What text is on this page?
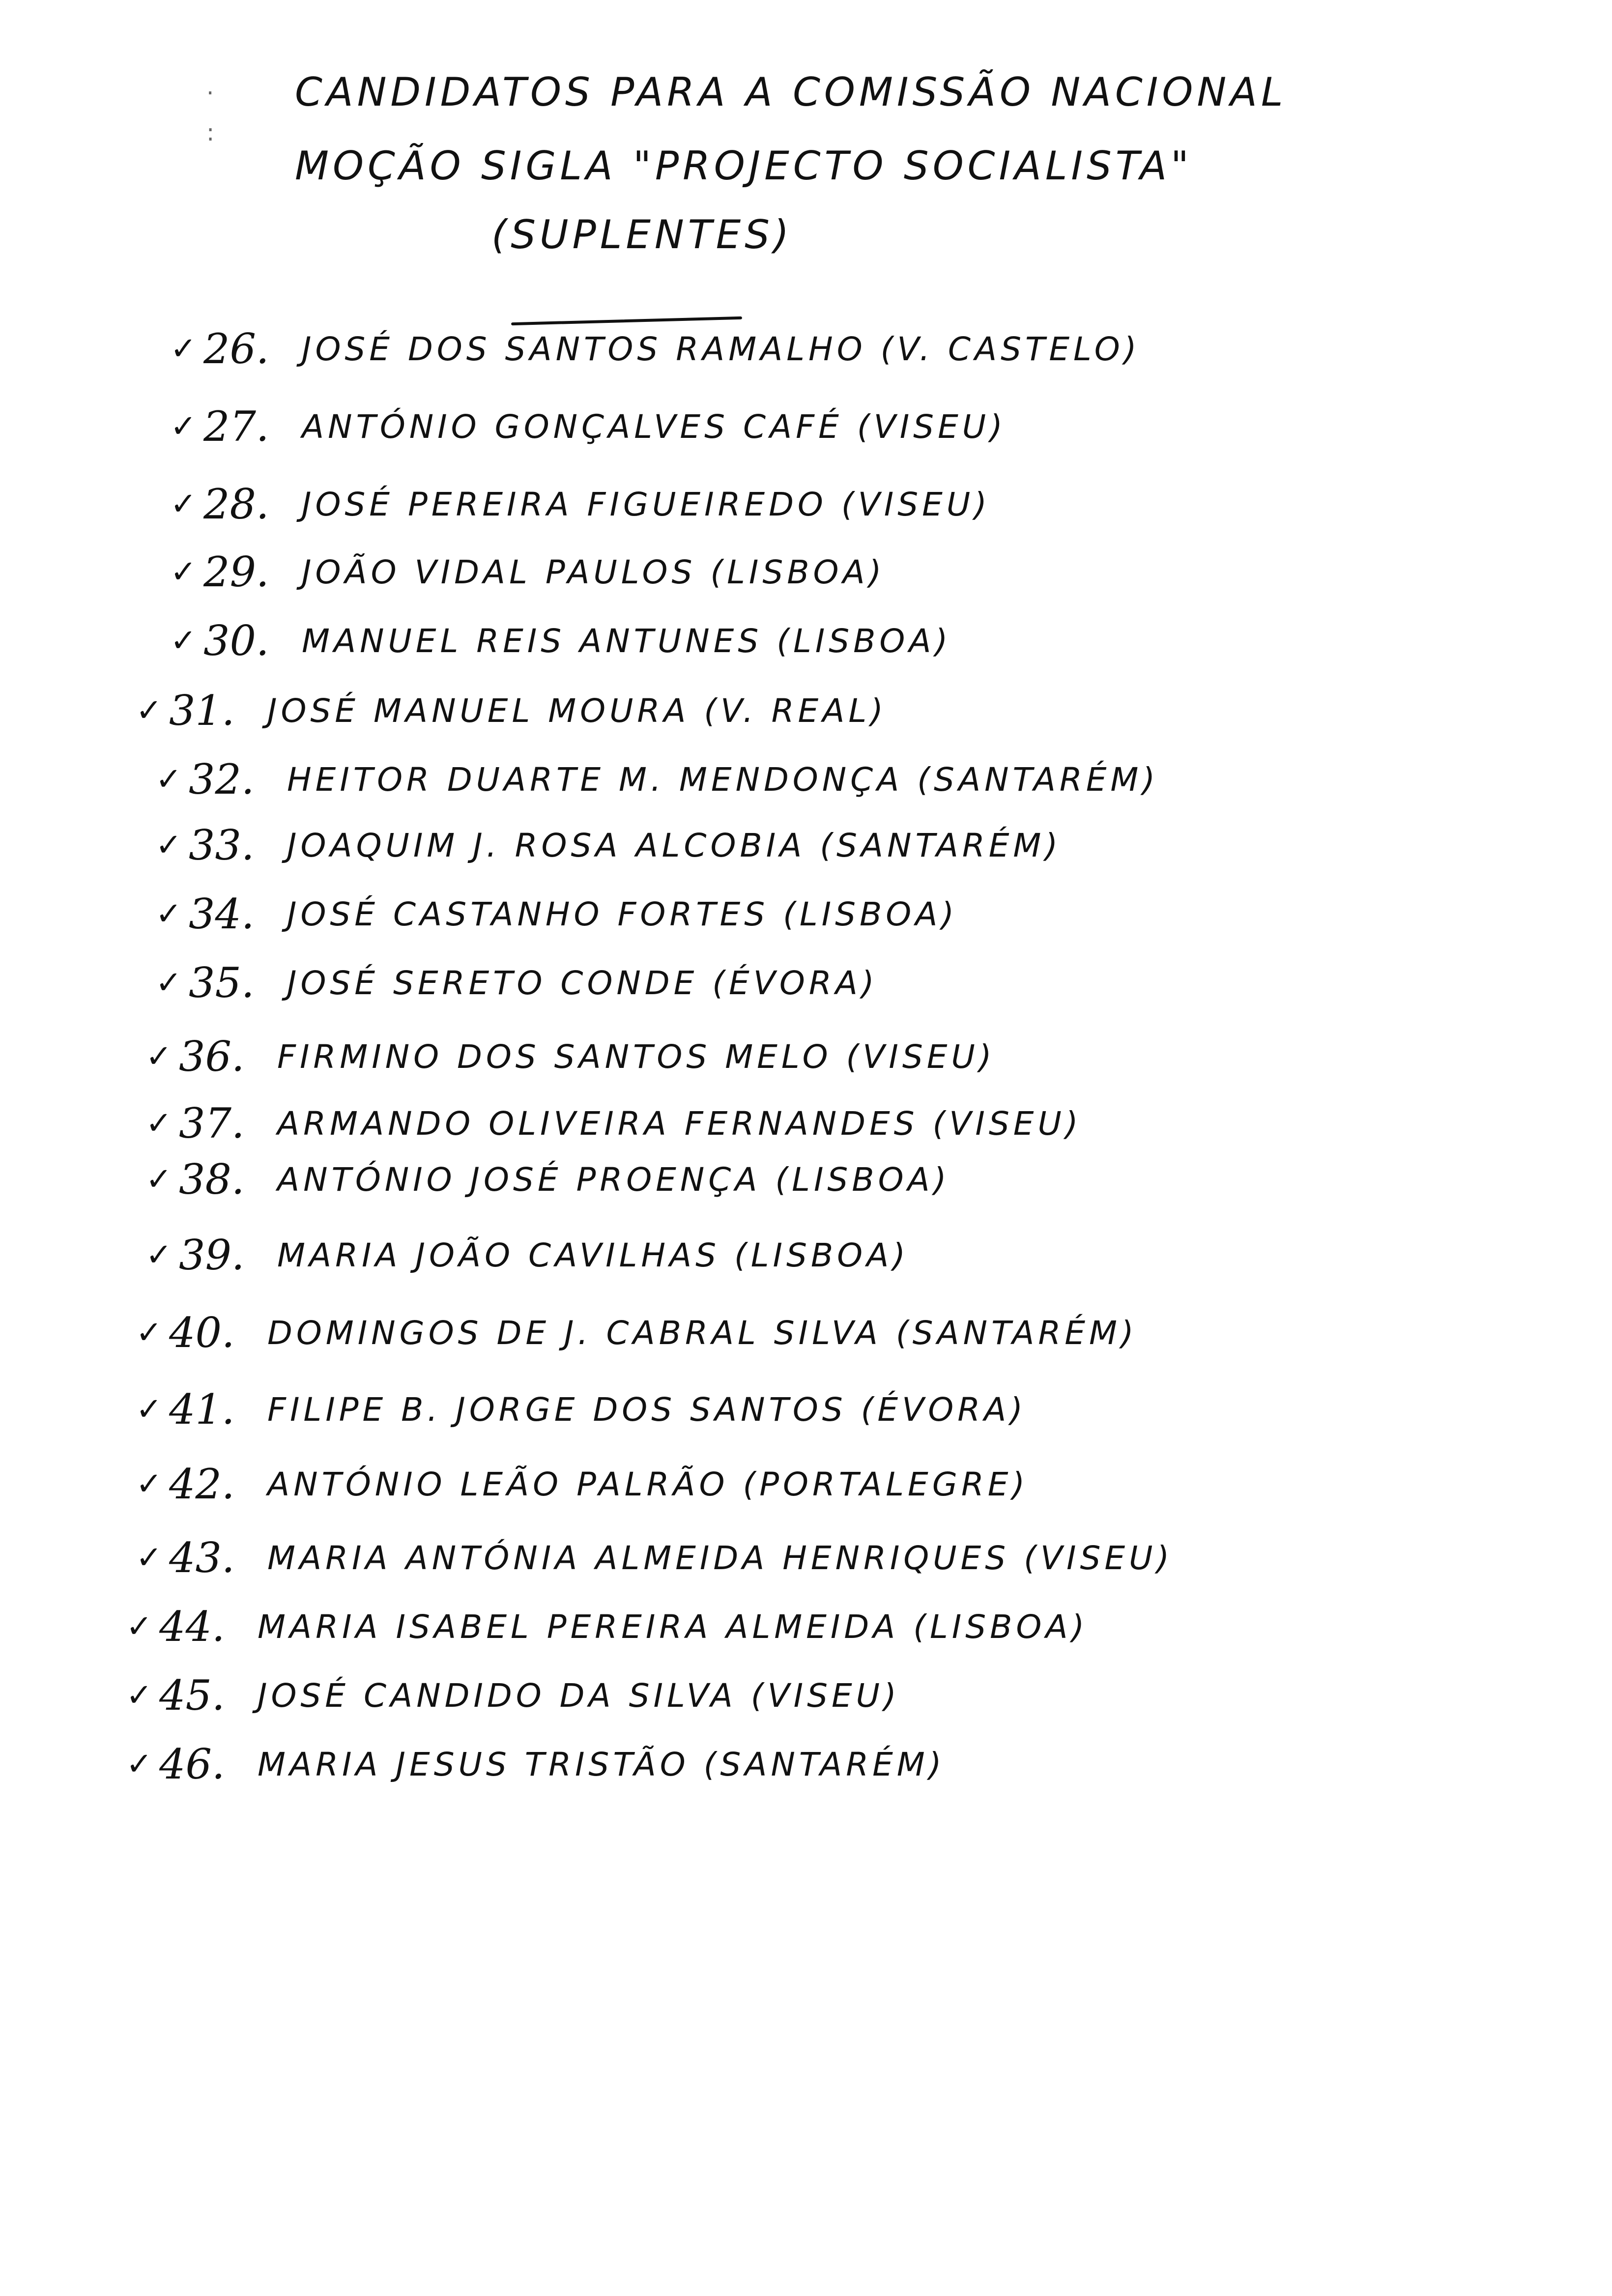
·
:
CANDIDATOS PARA A COMISSÃO NACIONAL
MOÇÃO SIGLA "PROJECTO SOCIALISTA"
(SUPLENTES)
✓ 26.	JOSÉ DOS SANTOS RAMALHO (V. CASTELO)
✓ 27.	ANTÓNIO GONÇALVES CAFÉ (VISEU)
✓ 28.	JOSÉ PEREIRA FIGUEIREDO (VISEU)
✓ 29.	JOÃO VIDAL PAULOS (LISBOA)
✓ 30.	MANUEL REIS ANTUNES (LISBOA)
✓ 31.	JOSÉ MANUEL MOURA (V. REAL)
✓ 32.	HEITOR DUARTE M. MENDONÇA (SANTARÉM)
✓ 33.	JOAQUIM J. ROSA ALCOBIA (SANTARÉM)
✓ 34.	JOSÉ CASTANHO FORTES (LISBOA)
✓ 35.	JOSÉ SERETO CONDE (ÉVORA)
✓ 36.	FIRMINO DOS SANTOS MELO (VISEU)
✓ 37.	ARMANDO OLIVEIRA FERNANDES (VISEU)
✓ 38.	ANTÓNIO JOSÉ PROENÇA (LISBOA)
✓ 39.	MARIA JOÃO CAVILHAS (LISBOA)
✓ 40.	DOMINGOS DE J. CABRAL SILVA (SANTARÉM)
✓ 41.	FILIPE B. JORGE DOS SANTOS (ÉVORA)
✓ 42.	ANTÓNIO LEÃO PALRÃO (PORTALEGRE)
✓ 43.	MARIA ANTÓNIA ALMEIDA HENRIQUES (VISEU)
✓ 44.	MARIA ISABEL PEREIRA ALMEIDA (LISBOA)
✓ 45.	JOSÉ CANDIDO DA SILVA (VISEU)
✓ 46.	MARIA JESUS TRISTÃO (SANTARÉM)
